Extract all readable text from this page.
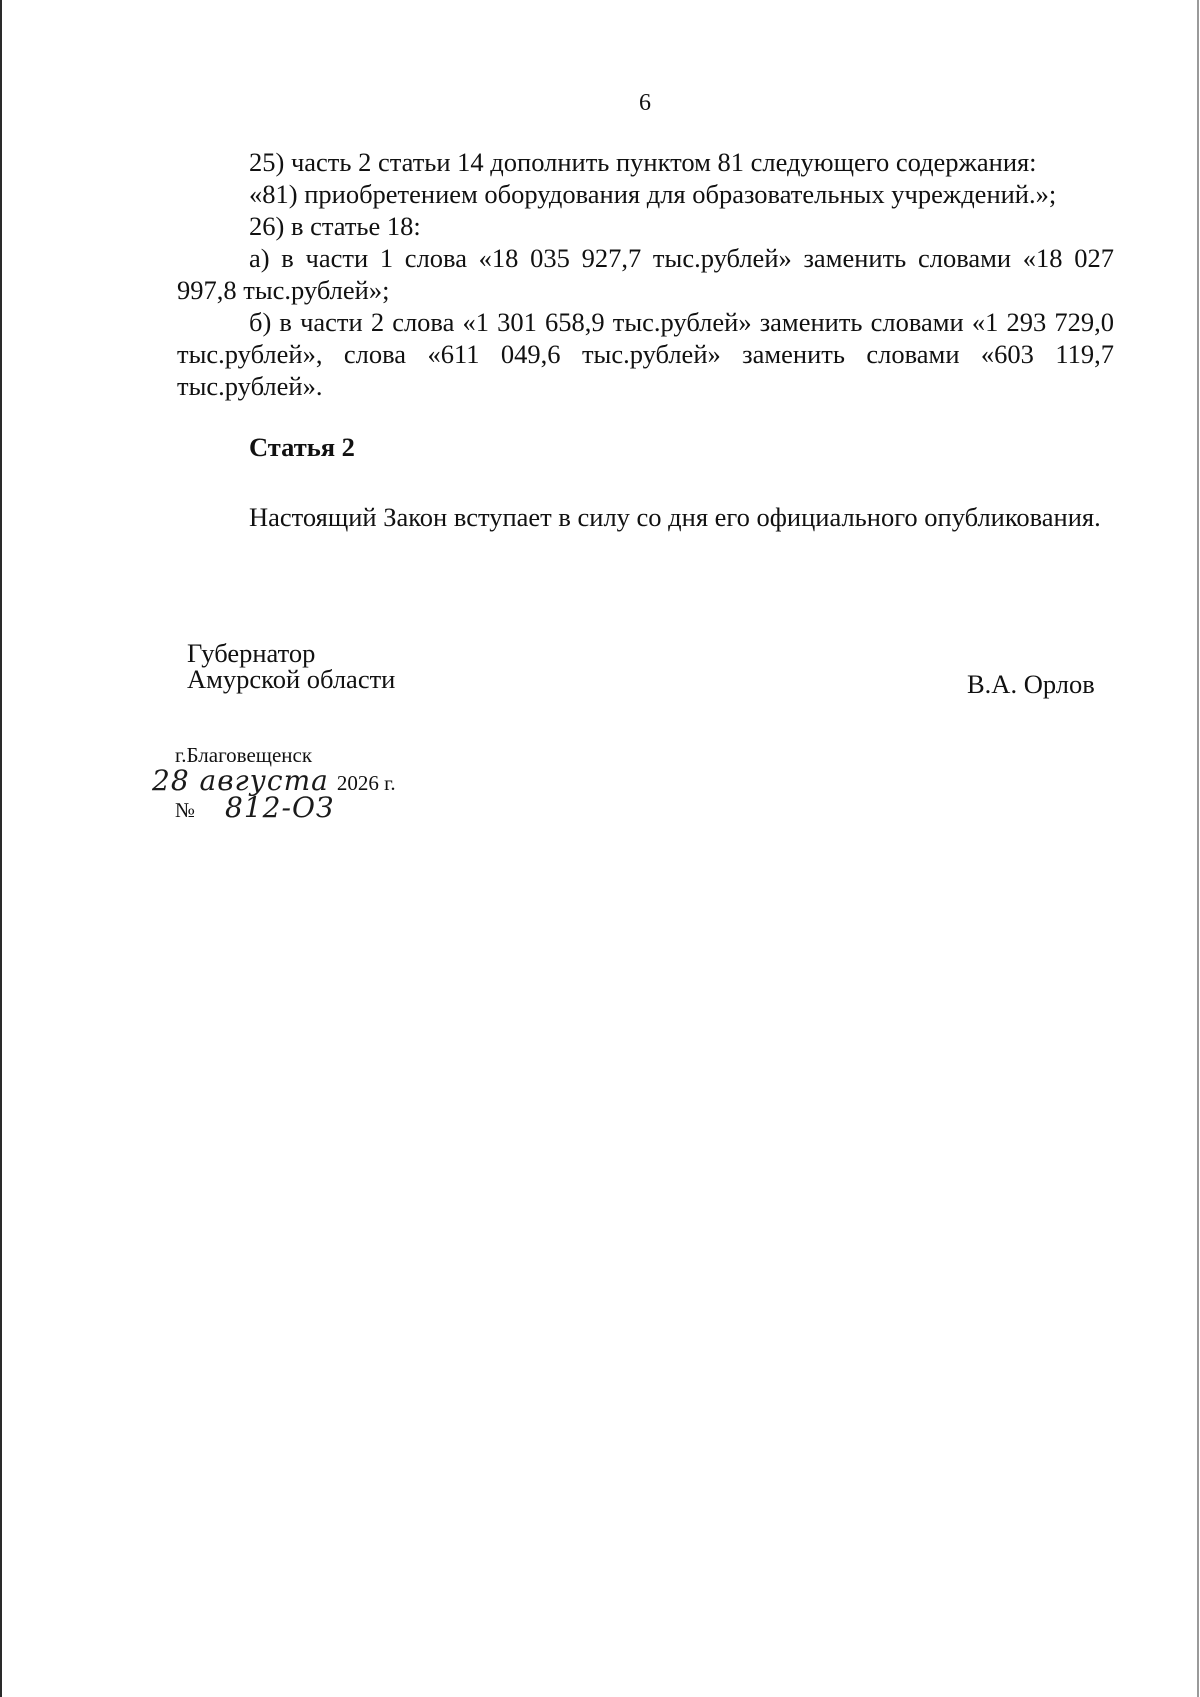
6

25) часть 2 статьи 14 дополнить пунктом 81 следующего содержания:

«81) приобретением оборудования для образовательных учреждений.»;

26) в статье 18:

а) в части 1 слова «18 035 927,7 тыс.рублей» заменить словами «18 027 997,8 тыс.рублей»;

б) в части 2 слова «1 301 658,9 тыс.рублей» заменить словами «1 293 729,0 тыс.рублей», слова «611 049,6 тыс.рублей» заменить словами «603 119,7 тыс.рублей».

Статья 2

Настоящий Закон вступает в силу со дня его официального опубликования.

Губернатор
Амурской области	В.А. Орлов
г.Благовещенск
28 августа 2026 г.
№ 812-ОЗ
